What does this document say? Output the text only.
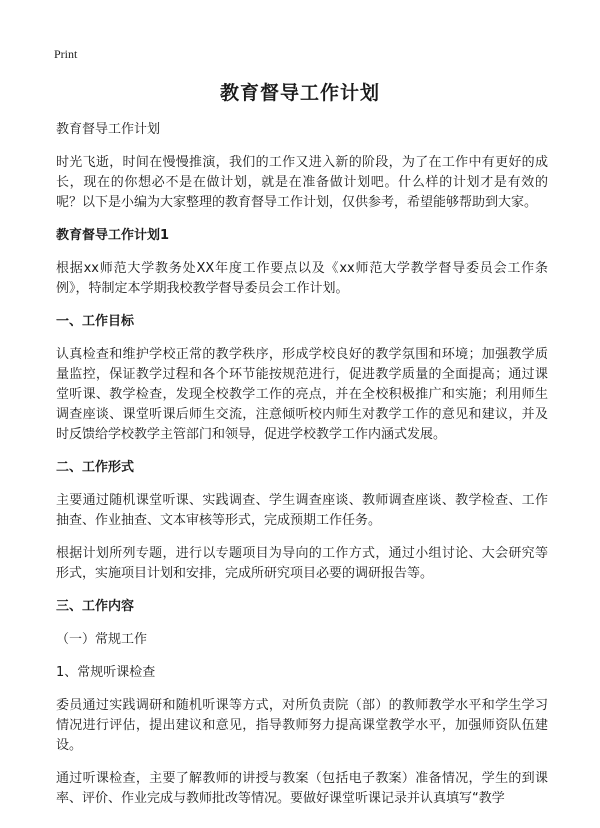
Print
教育督导工作计划

教育督导工作计划

时光飞逝，时间在慢慢推演，我们的工作又进入新的阶段，为了在工作中有更好的成长，现在的你想必不是在做计划，就是在准备做计划吧。什么样的计划才是有效的呢？以下是小编为大家整理的教育督导工作计划，仅供参考，希望能够帮助到大家。

教育督导工作计划1

根据xx师范大学教务处XX年度工作要点以及《xx师范大学教学督导委员会工作条例》，特制定本学期我校教学督导委员会工作计划。

一、工作目标

认真检查和维护学校正常的教学秩序，形成学校良好的教学氛围和环境；加强教学质量监控，保证教学过程和各个环节能按规范进行，促进教学质量的全面提高；通过课堂听课、教学检查，发现全校教学工作的亮点，并在全校积极推广和实施；利用师生调查座谈、课堂听课后师生交流，注意倾听校内师生对教学工作的意见和建议，并及时反馈给学校教学主管部门和领导，促进学校教学工作内涵式发展。

二、工作形式

主要通过随机课堂听课、实践调查、学生调查座谈、教师调查座谈、教学检查、工作抽查、作业抽查、文本审核等形式，完成预期工作任务。

根据计划所列专题，进行以专题项目为导向的工作方式，通过小组讨论、大会研究等形式，实施项目计划和安排，完成所研究项目必要的调研报告等。

三、工作内容

（一）常规工作

1、常规听课检查

委员通过实践调研和随机听课等方式，对所负责院（部）的教师教学水平和学生学习情况进行评估，提出建议和意见，指导教师努力提高课堂教学水平，加强师资队伍建设。

通过听课检查，主要了解教师的讲授与教案（包括电子教案）准备情况，学生的到课率、评价、作业完成与教师批改等情况。要做好课堂听课记录并认真填写“教学
